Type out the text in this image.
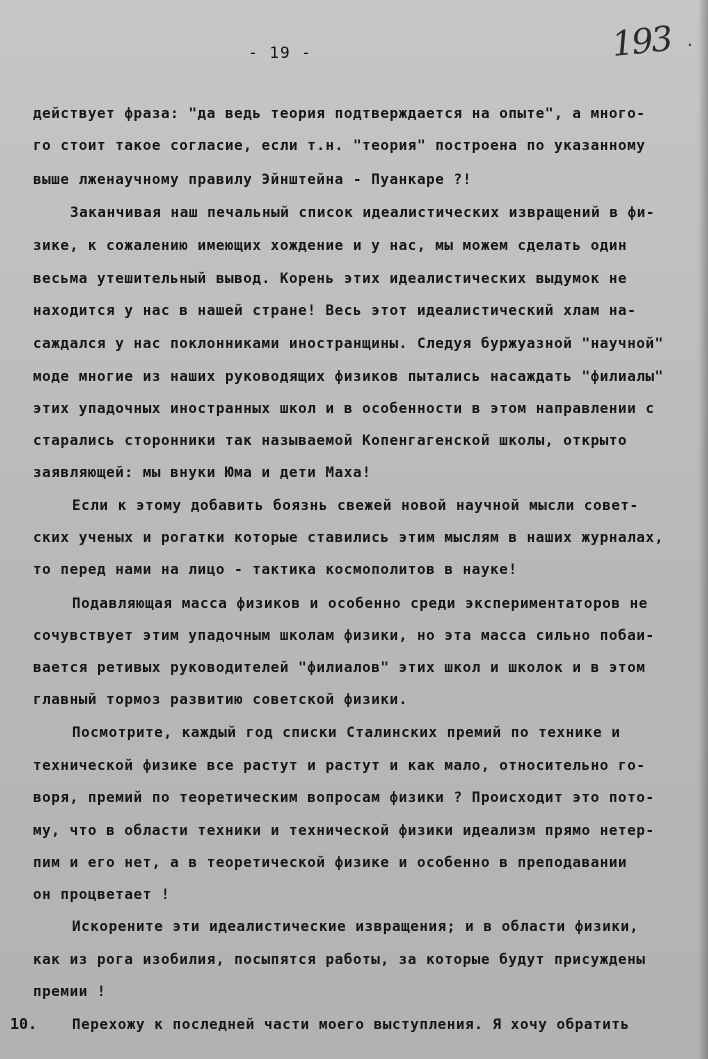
- 19 -	193 ·
действует фраза: "да ведь теория подтверждается на опыте", а много-
го стоит такое согласие, если т.н. "теория" построена по указанному
выше лженаучному правилу Эйнштейна - Пуанкаре ?!
Заканчивая наш печальный список идеалистических извращений в фи-
зике, к сожалению имеющих хождение и у нас, мы можем сделать один
весьма утешительный вывод. Корень этих идеалистических выдумок не
находится у нас в нашей стране! Весь этот идеалистический хлам на-
саждался у нас поклонниками иностранщины. Следуя буржуазной "научной"
моде многие из наших руководящих физиков пытались насаждать "филиалы"
этих упадочных иностранных школ и в особенности в этом направлении с
старались сторонники так называемой Копенгагенской школы, открыто
заявляющей: мы внуки Юма и дети Маха!
Если к этому добавить боязнь свежей новой научной мысли совет-
ских ученых и рогатки которые ставились этим мыслям в наших журналах,
то перед нами на лицо - тактика космополитов в науке!
Подавляющая масса физиков и особенно среди экспериментаторов не
сочувствует этим упадочным школам физики, но эта масса сильно побаи-
вается ретивых руководителей "филиалов" этих школ и школок и в этом
главный тормоз развитию советской физики.
Посмотрите, каждый год списки Сталинских премий по технике и
технической физике все растут и растут и как мало, относительно го-
воря, премий по теоретическим вопросам физики ? Происходит это пото-
му, что в области техники и технической физики идеализм прямо нетер-
пим и его нет, а в теоретической физике и особенно в преподавании
он процветает !
Искорените эти идеалистические извращения; и в области физики,
как из рога изобилия, посыпятся работы, за которые будут присуждены
премии !
10. Перехожу к последней части моего выступления. Я хочу обратить
